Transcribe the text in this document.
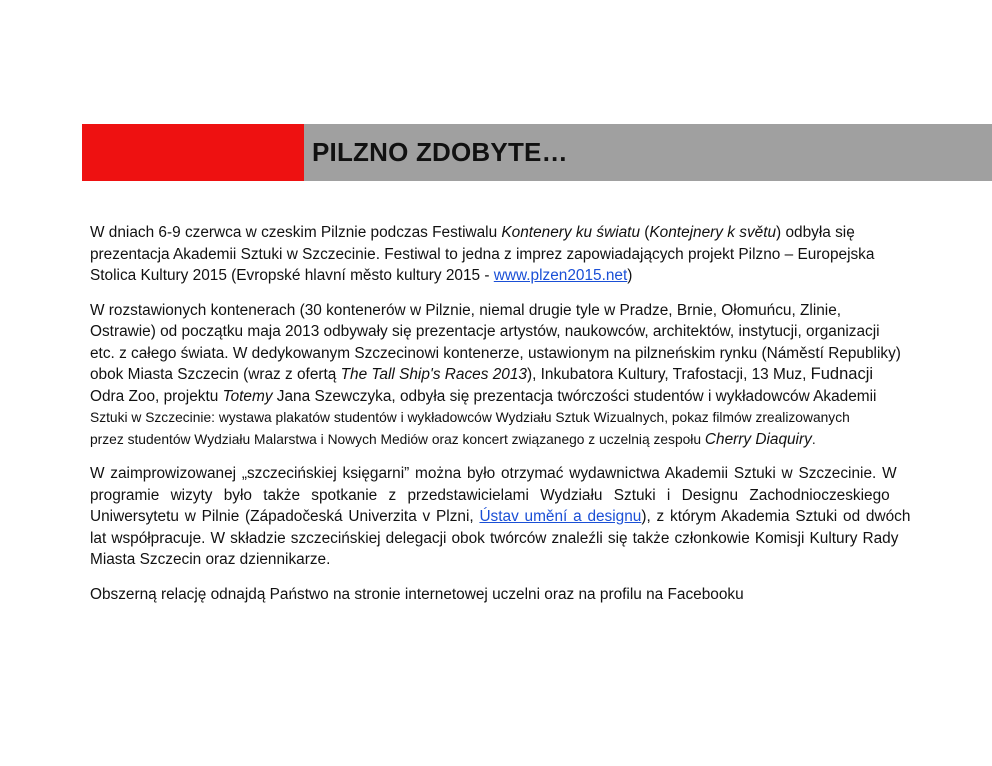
PILZNO ZDOBYTE…
W dniach 6-9 czerwca w czeskim Pilznie podczas Festiwalu Kontenery ku światu (Kontejnery k světu) odbyła się
prezentacja Akademii Sztuki w Szczecinie. Festiwal to jedna z imprez zapowiadających projekt Pilzno – Europejska
Stolica Kultury 2015 (Evropské hlavní město kultury 2015 - www.plzen2015.net)
W rozstawionych kontenerach (30 kontenerów w Pilznie, niemal drugie tyle w Pradze, Brnie, Ołomuńcu, Zlinie,
Ostrawie) od początku maja 2013 odbywały się prezentacje artystów, naukowców, architektów, instytucji, organizacji
etc. z całego świata. W dedykowanym Szczecinowi kontenerze, ustawionym na pilzneńskim rynku (Náměstí Republiky)
obok Miasta Szczecin (wraz z ofertą The Tall Ship's Races 2013), Inkubatora Kultury, Trafostacji, 13 Muz, Fudnacji
Odra Zoo, projektu Totemy Jana Szewczyka, odbyła się prezentacja twórczości studentów i wykładowców Akademii
Sztuki w Szczecinie: wystawa plakatów studentów i wykładowców Wydziału Sztuk Wizualnych, pokaz filmów zrealizowanych
przez studentów Wydziału Malarstwa i Nowych Mediów oraz koncert związanego z uczelnią zespołu Cherry Diaquiry.
W zaimprowizowanej „szczecińskiej księgarni” można było otrzymać wydawnictwa Akademii Sztuki w Szczecinie. W
programie wizyty było także spotkanie z przedstawicielami Wydziału Sztuki i Designu Zachodnioczeskiego
Uniwersytetu w Pilnie (Západočeská Univerzita v Plzni, Ústav umění a designu), z którym Akademia Sztuki od dwóch
lat współpracuje. W składzie szczecińskiej delegacji obok twórców znaleźli się także członkowie Komisji Kultury Rady
Miasta Szczecin oraz dziennikarze.
Obszerną relację odnajdą Państwo na stronie internetowej uczelni oraz na profilu na Facebooku
